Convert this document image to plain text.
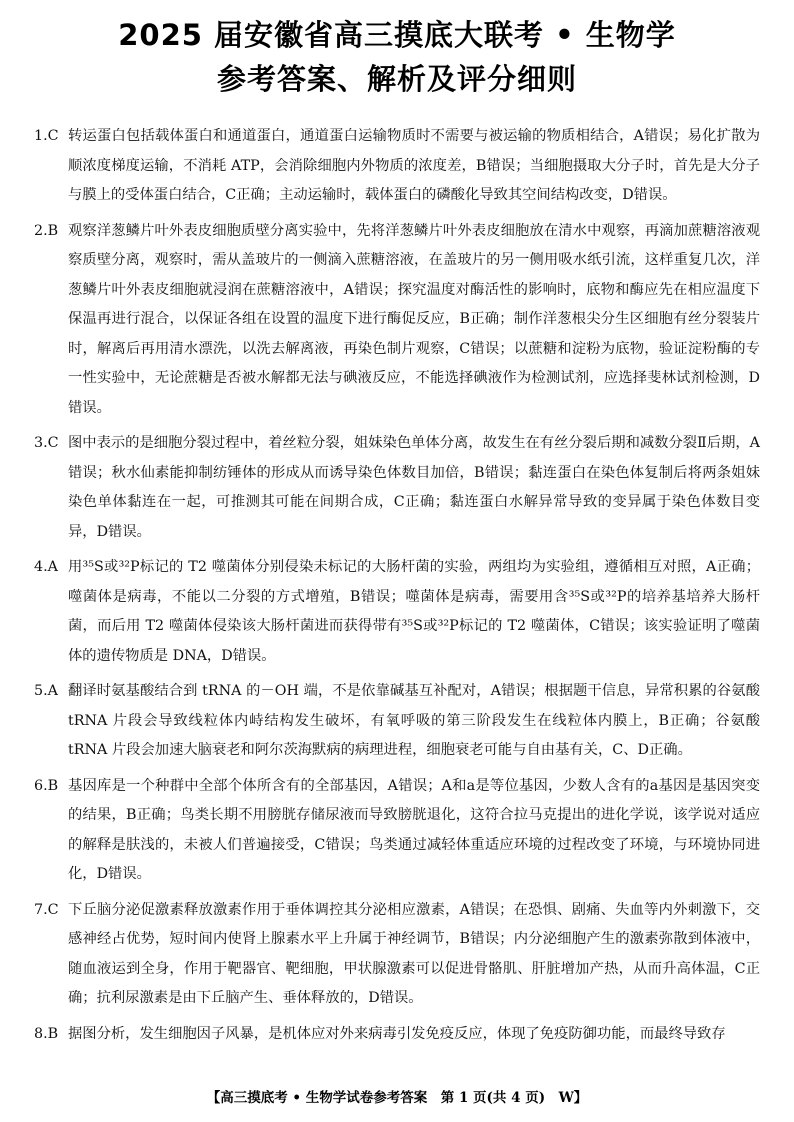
2025 届安徽省高三摸底大联考 • 生物学
参考答案、解析及评分细则
1.C 转运蛋白包括载体蛋白和通道蛋白，通道蛋白运输物质时不需要与被运输的物质相结合，A错误；易化扩散为顺浓度梯度运输，不消耗 ATP，会消除细胞内外物质的浓度差，B错误；当细胞摄取大分子时，首先是大分子与膜上的受体蛋白结合，C正确；主动运输时，载体蛋白的磷酸化导致其空间结构改变，D错误。
2.B 观察洋葱鳞片叶外表皮细胞质壁分离实验中，先将洋葱鳞片叶外表皮细胞放在清水中观察，再滴加蔗糖溶液观察质壁分离，观察时，需从盖玻片的一侧滴入蔗糖溶液，在盖玻片的另一侧用吸水纸引流，这样重复几次，洋葱鳞片叶外表皮细胞就浸润在蔗糖溶液中，A错误；探究温度对酶活性的影响时，底物和酶应先在相应温度下保温再进行混合，以保证各组在设置的温度下进行酶促反应，B正确；制作洋葱根尖分生区细胞有丝分裂装片时，解离后再用清水漂洗，以洗去解离液，再染色制片观察，C错误；以蔗糖和淀粉为底物，验证淀粉酶的专一性实验中，无论蔗糖是否被水解都无法与碘液反应，不能选择碘液作为检测试剂，应选择斐林试剂检测，D错误。
3.C 图中表示的是细胞分裂过程中，着丝粒分裂，姐妹染色单体分离，故发生在有丝分裂后期和减数分裂Ⅱ后期，A错误；秋水仙素能抑制纺锤体的形成从而诱导染色体数目加倍，B错误；黏连蛋白在染色体复制后将两条姐妹染色单体黏连在一起，可推测其可能在间期合成，C正确；黏连蛋白水解异常导致的变异属于染色体数目变异，D错误。
4.A 用³⁵S或³²P标记的 T2 噬菌体分别侵染未标记的大肠杆菌的实验，两组均为实验组，遵循相互对照，A正确；噬菌体是病毒，不能以二分裂的方式增殖，B错误；噬菌体是病毒，需要用含³⁵S或³²P的培养基培养大肠杆菌，而后用 T2 噬菌体侵染该大肠杆菌进而获得带有³⁵S或³²P标记的 T2 噬菌体，C错误；该实验证明了噬菌体的遗传物质是 DNA，D错误。
5.A 翻译时氨基酸结合到 tRNA 的－OH 端，不是依靠碱基互补配对，A错误；根据题干信息，异常积累的谷氨酸 tRNA 片段会导致线粒体内峙结构发生破坏，有氧呼吸的第三阶段发生在线粒体内膜上，B正确；谷氨酸 tRNA 片段会加速大脑衰老和阿尔茨海默病的病理进程，细胞衰老可能与自由基有关，C、D正确。
6.B 基因库是一个种群中全部个体所含有的全部基因，A错误；A和a是等位基因，少数人含有的a基因是基因突变的结果，B正确；鸟类长期不用膀胱存储尿液而导致膀胱退化，这符合拉马克提出的进化学说，该学说对适应的解释是肤浅的，未被人们普遍接受，C错误；鸟类通过减轻体重适应环境的过程改变了环境，与环境协同进化，D错误。
7.C 下丘脑分泌促激素释放激素作用于垂体调控其分泌相应激素，A错误；在恐惧、剧痛、失血等内外刺激下，交感神经占优势，短时间内使肾上腺素水平上升属于神经调节，B错误；内分泌细胞产生的激素弥散到体液中，随血液运到全身，作用于靶器官、靶细胞，甲状腺激素可以促进骨骼肌、肝脏增加产热，从而升高体温，C正确；抗利尿激素是由下丘脑产生、垂体释放的，D错误。
8.B 据图分析，发生细胞因子风暴，是机体应对外来病毒引发免疫反应，体现了免疫防御功能，而最终导致存
【高三摸底考 • 生物学试卷参考答案　第 1 页(共 4 页)　W】
